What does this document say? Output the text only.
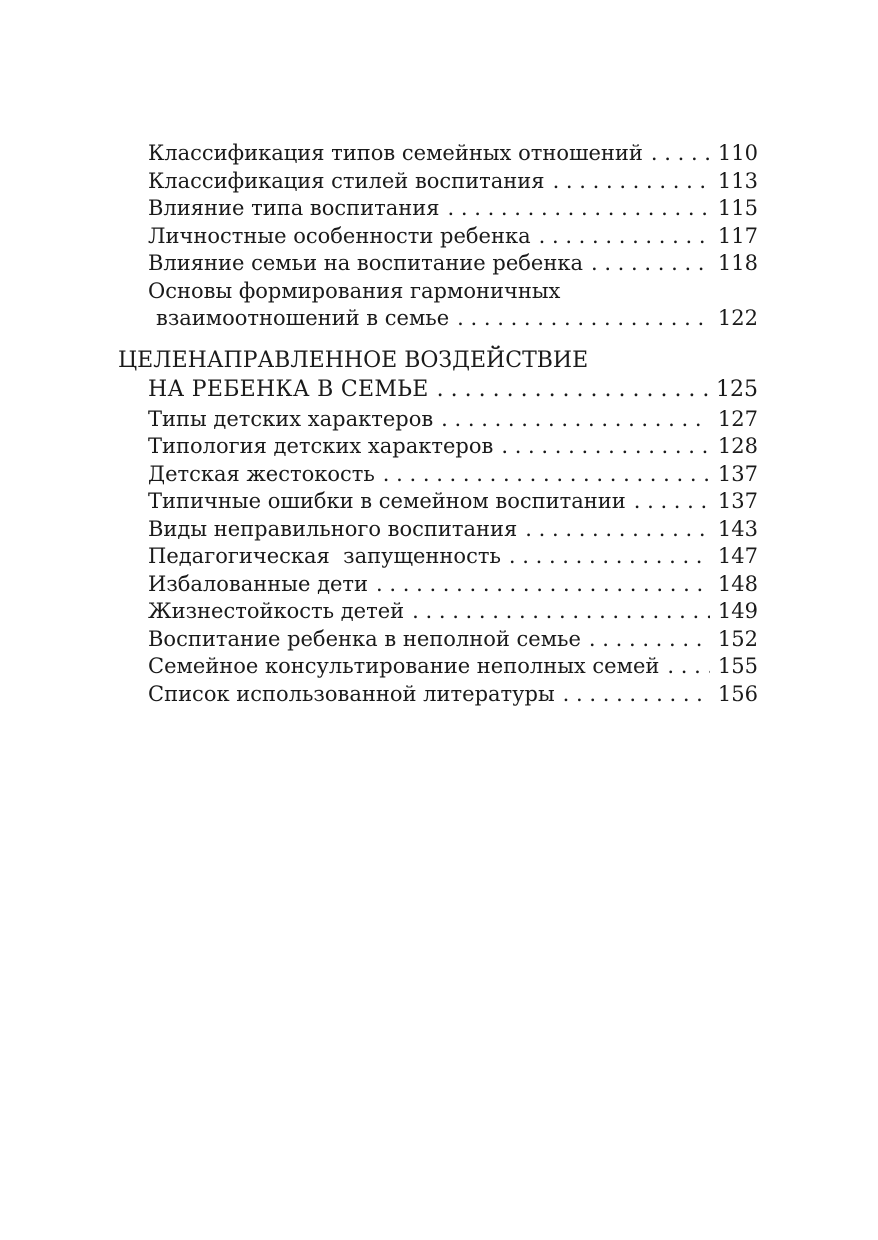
Классификация типов семейных отношений . . .	110
Классификация стилей воспитания . . .	113
Влияние типа воспитания . . .	115
Личностные особенности ребенка . . .	117
Влияние семьи на воспитание ребенка . . .	118
Основы формирования гармоничных
взаимоотношений в семье . . .	122
ЦЕЛЕНАПРАВЛЕННОЕ ВОЗДЕЙСТВИЕ
НА РЕБЕНКА В СЕМЬЕ . . .	125
Типы детских характеров . . .	127
Типология детских характеров . . .	128
Детская жестокость . . .	137
Типичные ошибки в семейном воспитании . . .	137
Виды неправильного воспитания . . .	143
Педагогическая  запущенность . . .	147
Избалованные дети . . .	148
Жизнестойкость детей . . .	149
Воспитание ребенка в неполной семье . . .	152
Семейное консультирование неполных семей . . .	155
Список использованной литературы . . .	156
